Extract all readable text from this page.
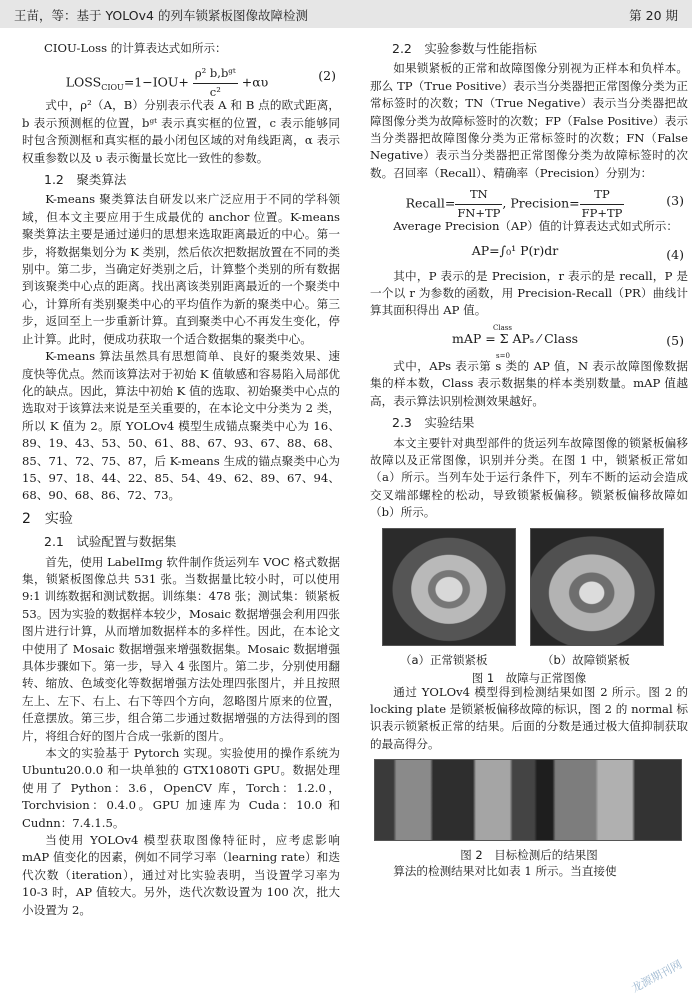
王苗，等：基于 YOLOv4 的列车锁紧板图像故障检测	第 20 期

CIOU-Loss 的计算表达式如所示：

$LOSS_{CIOU}=1-IOU+ \frac{\text{ρ² b,bᵍᵗ}}{\text{c²}} +\alpha\upsilon$	(2)

式中，ρ²（A，B）分别表示代表 A 和 B 点的欧式距离，b 表示预测框的位置，bᵍᵗ 表示真实框的位置，c 表示能够同时包含预测框和真实框的最小闭包区域的对角线距离，α 表示权重参数以及 υ 表示衡量长宽比一致性的参数。

1.2　聚类算法

K-means 聚类算法自研发以来广泛应用于不同的学科领域，但本文主要应用于生成最优的 anchor 位置。K-means 聚类算法主要是通过递归的思想来选取距离最近的中心。第一步，将数据集划分为 K 类别，然后依次把数据放置在不同的类别中。第二步，当确定好类别之后，计算整个类别的所有数据到该聚类中心点的距离。找出离该类别距离最近的一个聚类中心，计算所有类别聚类中心的平均值作为新的聚类中心。第三步，返回至上一步重新计算。直到聚类中心不再发生变化，停止计算。此时，便成功获取一个适合数据集的聚类中心。

K-means 算法虽然具有思想简单、良好的聚类效果、速度快等优点。然而该算法对于初始 K 值敏感和容易陷入局部优化的缺点。因此，算法中初始 K 值的选取、初始聚类中心点的选取对于该算法来说是至关重要的，在本论文中分类为 2 类，所以 K 值为 2。原 YOLOv4 模型生成锚点聚类中心为 16、89、19、43、53、50、61、88、67、93、67、88、68、85、71、72、75、87，后 K-means 生成的锚点聚类中心为 15、97、18、44、22、85、54、49、62、89、67、94、68、90、68、86、72、73。

2　实验
2.1　试验配置与数据集

首先，使用 LabelImg 软件制作货运列车 VOC 格式数据集，锁紧板图像总共 531 张。当数据量比较小时，可以使用 9:1 训练数据和测试数据。训练集：478 张；测试集：锁紧板 53。因为实验的数据样本较少，Mosaic 数据增强会利用四张图片进行计算，从而增加数据样本的多样性。因此，在本论文中使用了 Mosaic 数据增强来增强数据集。Mosaic 数据增强具体步骤如下。第一步，导入 4 张图片。第二步，分别使用翻转、缩放、色域变化等数据增强方法处理四张图片，并且按照左上、左下、右上、右下等四个方向，忽略图片原来的位置，任意摆放。第三步，组合第二步通过数据增强的方法得到的图片，将组合好的图片合成一张新的图片。

本文的实验基于 Pytorch 实现。实验使用的操作系统为 Ubuntu20.0.0 和一块单独的 GTX1080Ti GPU。数据处理使用了 Python：3.6，OpenCV 库，Torch：1.2.0，Torchvision：0.4.0。GPU 加速库为 Cuda：10.0 和 Cudnn：7.4.1.5。

当使用 YOLOv4 模型获取图像特征时，应考虑影响 mAP 值变化的因素，例如不同学习率（learning rate）和迭代次数（iteration），通过对比实验表明，当设置学习率为 10-3 时，AP 值较大。另外，迭代次数设置为 100 次，批大小设置为 2。

2.2　实验参数与性能指标

如果锁紧板的正常和故障图像分别视为正样本和负样本。那么 TP（True Positive）表示当分类器把正常图像分类为正常标签时的次数；TN（True Negative）表示当分类器把故障图像分类为故障标签时的次数；FP（False Positive）表示当分类器把故障图像分类为正常标签时的次数；FN（False Negative）表示当分类器把正常图像分类为故障标签时的次数。召回率（Recall）、精确率（Precision）分别为：

Recall= $\frac{TN}{FN+TP}$ , Precision= $\frac{TP}{FP+TP}$	(3)

Average Precision（AP）值的计算表达式如式所示：

AP=∫₀¹ P(r)dr	(4)

其中，P 表示的是 Precision，r 表示的是 recall，P 是一个以 r 为参数的函数，用 Precision-Recall（PR）曲线计算其面积得出 AP 值。

mAP = Σ APₛ ⁄ Class
Class
s=0
(5)

式中，APs 表示第 s 类的 AP 值，N 表示故障图像数据集的样本数，Class 表示数据集的样本类别数量。mAP 值越高，表示算法识别检测效果越好。

2.3　实验结果

本文主要针对典型部件的货运列车故障图像的锁紧板偏移故障以及正常图像，识别并分类。在图 1 中，锁紧板正常如（a）所示。当列车处于运行条件下，列车不断的运动会造成交叉端部螺栓的松动，导致锁紧板偏移。锁紧板偏移故障如（b）所示。

（a）正常锁紧板	（b）故障锁紧板
图 1　故障与正常图像

通过 YOLOv4 模型得到检测结果如图 2 所示。图 2 的 locking plate 是锁紧板偏移故障的标识，图 2 的 normal 标识表示锁紧板正常的结果。后面的分数是通过极大值抑制获取的最高得分。

图 2　目标检测后的结果图

算法的检测结果对比如表 1 所示。当直接使

龙源期刊网
